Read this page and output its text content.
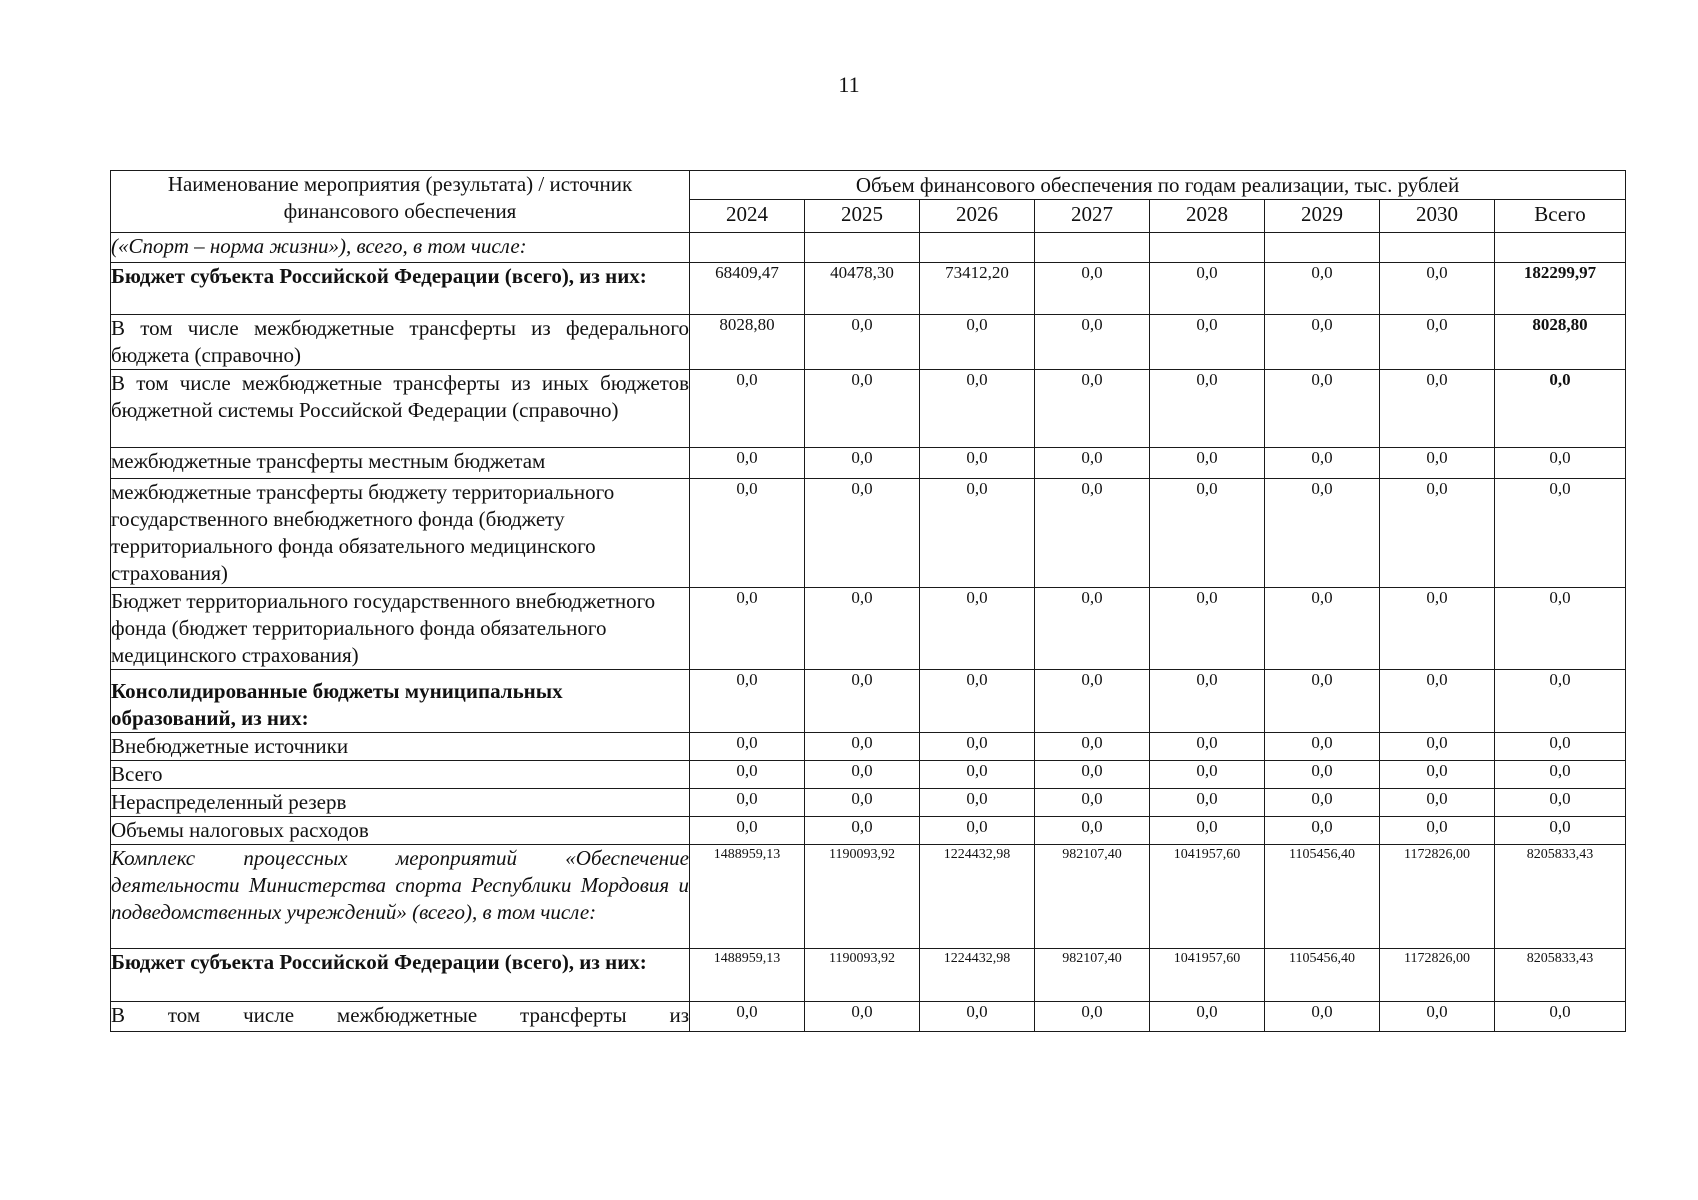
11
Наименование мероприятия (результата) / источник финансового обеспечения	Объем финансового обеспечения по годам реализации, тыс. рублей							
	2024	2025	2026	2027	2028	2029	2030	Всего
(«Спорт – норма жизни»), всего, в том числе:								
Бюджет субъекта Российской Федерации (всего), из них:	68409,47	40478,30	73412,20	0,0	0,0	0,0	0,0	182299,97
В том числе межбюджетные трансферты из федерального бюджета (справочно)	8028,80	0,0	0,0	0,0	0,0	0,0	0,0	8028,80
В том числе межбюджетные трансферты из иных бюджетов бюджетной системы Российской Федерации (справочно)	0,0	0,0	0,0	0,0	0,0	0,0	0,0	0,0
межбюджетные трансферты местным бюджетам	0,0	0,0	0,0	0,0	0,0	0,0	0,0	0,0
межбюджетные трансферты бюджету территориального государственного внебюджетного фонда (бюджету территориального фонда обязательного медицинского страхования)	0,0	0,0	0,0	0,0	0,0	0,0	0,0	0,0
Бюджет территориального государственного внебюджетного фонда (бюджет территориального фонда обязательного медицинского страхования)	0,0	0,0	0,0	0,0	0,0	0,0	0,0	0,0
Консолидированные бюджеты муниципальных образований, из них:	0,0	0,0	0,0	0,0	0,0	0,0	0,0	0,0
Внебюджетные источники	0,0	0,0	0,0	0,0	0,0	0,0	0,0	0,0
Всего	0,0	0,0	0,0	0,0	0,0	0,0	0,0	0,0
Нераспределенный резерв	0,0	0,0	0,0	0,0	0,0	0,0	0,0	0,0
Объемы налоговых расходов	0,0	0,0	0,0	0,0	0,0	0,0	0,0	0,0
Комплекс процессных мероприятий «Обеспечение деятельности Министерства спорта Республики Мордовия и подведомственных учреждений» (всего), в том числе:	1488959,13	1190093,92	1224432,98	982107,40	1041957,60	1105456,40	1172826,00	8205833,43
Бюджет субъекта Российской Федерации (всего), из них:	1488959,13	1190093,92	1224432,98	982107,40	1041957,60	1105456,40	1172826,00	8205833,43
В том числе межбюджетные трансферты из	0,0	0,0	0,0	0,0	0,0	0,0	0,0	0,0
